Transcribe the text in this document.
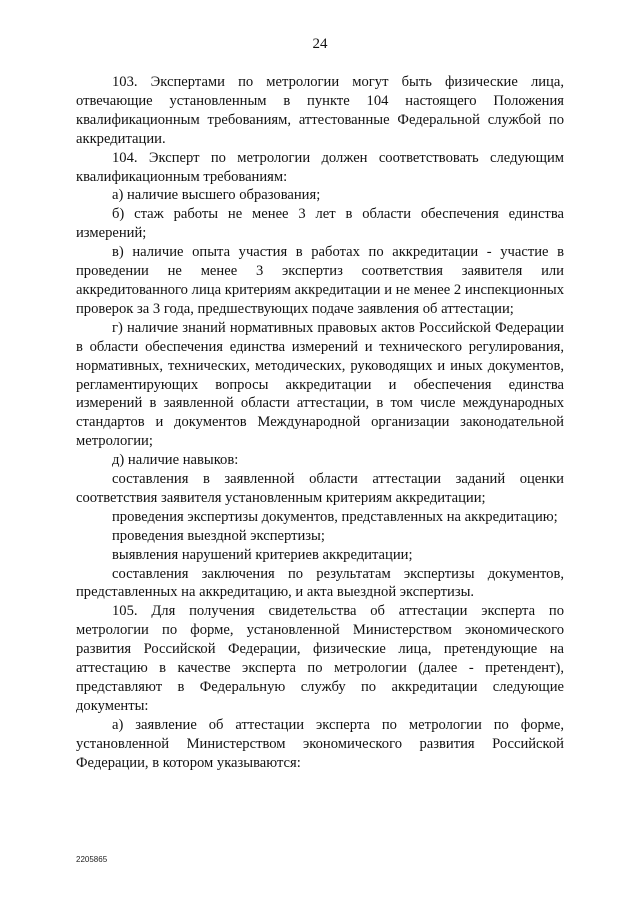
24

103. Экспертами по метрологии могут быть физические лица, отвечающие установленным в пункте 104 настоящего Положения квалификационным требованиям, аттестованные Федеральной службой по аккредитации.

104. Эксперт по метрологии должен соответствовать следующим квалификационным требованиям:

а) наличие высшего образования;

б) стаж работы не менее 3 лет в области обеспечения единства измерений;

в) наличие опыта участия в работах по аккредитации - участие в проведении не менее 3 экспертиз соответствия заявителя или аккредитованного лица критериям аккредитации и не менее 2 инспекционных проверок за 3 года, предшествующих подаче заявления об аттестации;

г) наличие знаний нормативных правовых актов Российской Федерации в области обеспечения единства измерений и технического регулирования, нормативных, технических, методических, руководящих и иных документов, регламентирующих вопросы аккредитации и обеспечения единства измерений в заявленной области аттестации, в том числе международных стандартов и документов Международной организации законодательной метрологии;

д) наличие навыков:

составления в заявленной области аттестации заданий оценки соответствия заявителя установленным критериям аккредитации;

проведения экспертизы документов, представленных на аккредитацию;

проведения выездной экспертизы;

выявления нарушений критериев аккредитации;

составления заключения по результатам экспертизы документов, представленных на аккредитацию, и акта выездной экспертизы.

105. Для получения свидетельства об аттестации эксперта по метрологии по форме, установленной Министерством экономического развития Российской Федерации, физические лица, претендующие на аттестацию в качестве эксперта по метрологии (далее - претендент), представляют в Федеральную службу по аккредитации следующие документы:

а) заявление об аттестации эксперта по метрологии по форме, установленной Министерством экономического развития Российской Федерации, в котором указываются:

2205865
